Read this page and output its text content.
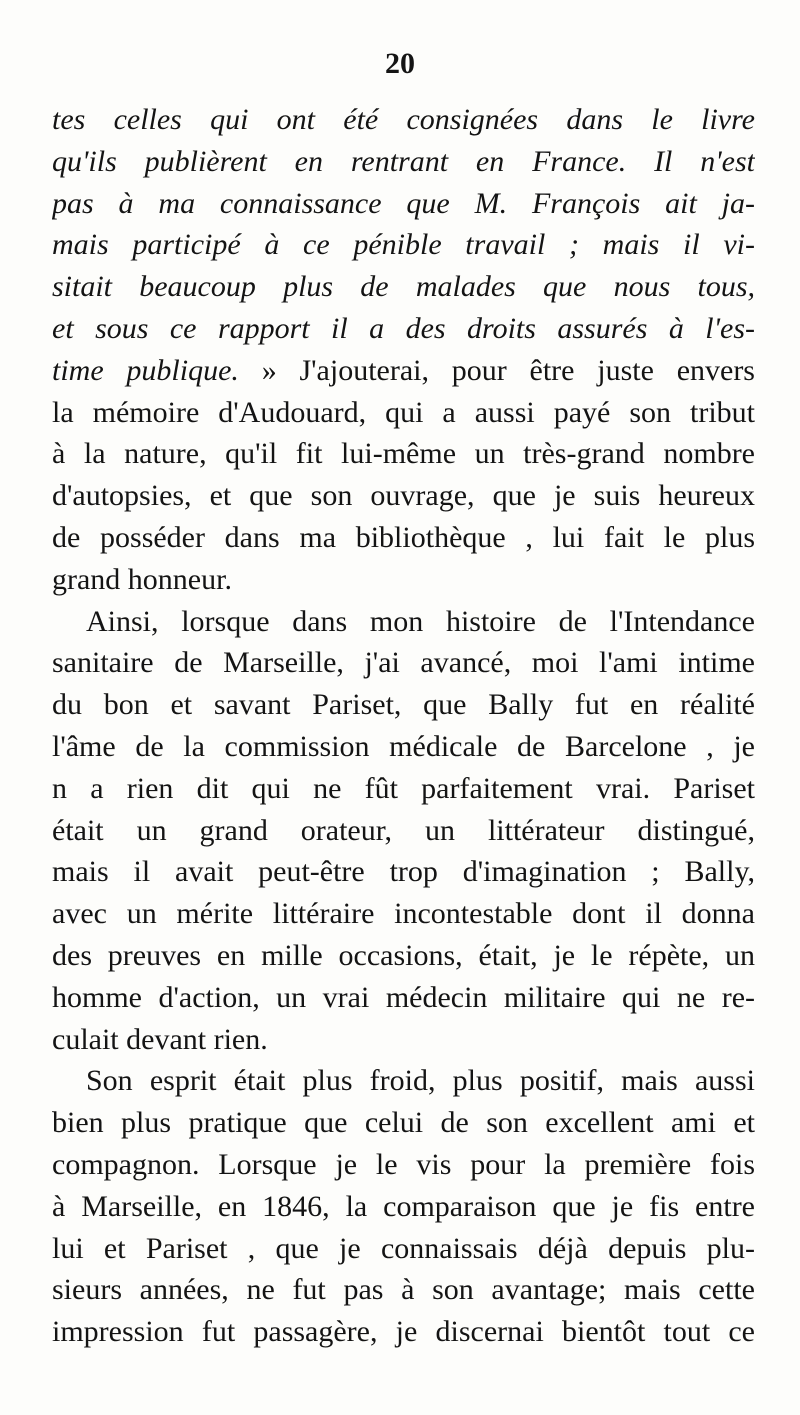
20
tes celles qui ont été consignées dans le livre
qu'ils publièrent en rentrant en France. Il n'est
pas à ma connaissance que M. François ait ja-
mais participé à ce pénible travail ; mais il vi-
sitait beaucoup plus de malades que nous tous,
et sous ce rapport il a des droits assurés à l'es-
time publique. » J'ajouterai, pour être juste envers
la mémoire d'Audouard, qui a aussi payé son tribut
à la nature, qu'il fit lui-même un très-grand nombre
d'autopsies, et que son ouvrage, que je suis heureux
de posséder dans ma bibliothèque , lui fait le plus
grand honneur.
Ainsi, lorsque dans mon histoire de l'Intendance
sanitaire de Marseille, j'ai avancé, moi l'ami intime
du bon et savant Pariset, que Bally fut en réalité
l'âme de la commission médicale de Barcelone , je
n a rien dit qui ne fût parfaitement vrai. Pariset
était un grand orateur, un littérateur distingué,
mais il avait peut-être trop d'imagination ; Bally,
avec un mérite littéraire incontestable dont il donna
des preuves en mille occasions, était, je le répète, un
homme d'action, un vrai médecin militaire qui ne re-
culait devant rien.
Son esprit était plus froid, plus positif, mais aussi
bien plus pratique que celui de son excellent ami et
compagnon. Lorsque je le vis pour la première fois
à Marseille, en 1846, la comparaison que je fis entre
lui et Pariset , que je connaissais déjà depuis plu-
sieurs années, ne fut pas à son avantage; mais cette
impression fut passagère, je discernai bientôt tout ce
